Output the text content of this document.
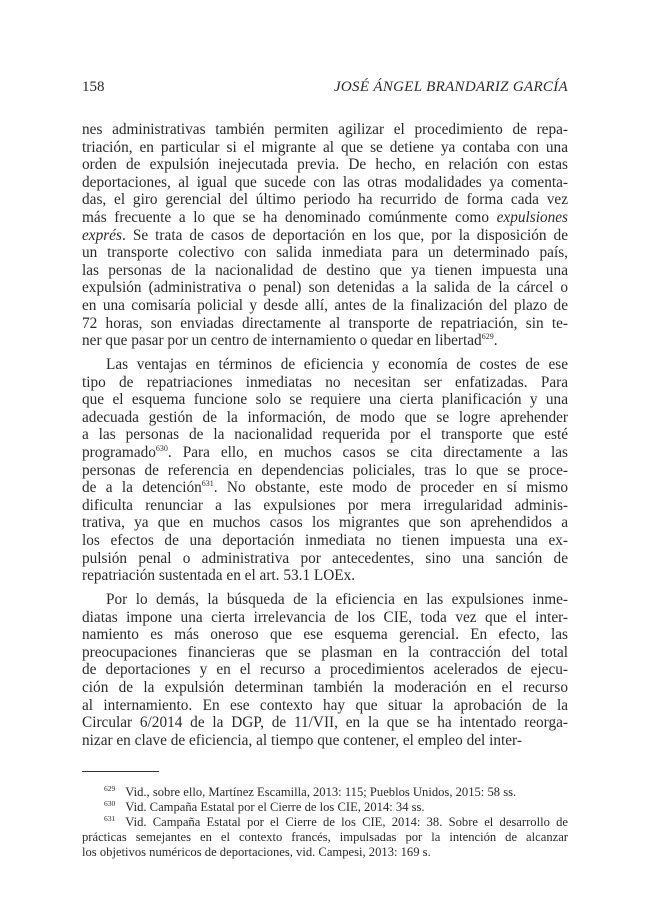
158	JOSÉ ÁNGEL BRANDARIZ GARCÍA
nes administrativas también permiten agilizar el procedimiento de repa-
triación, en particular si el migrante al que se detiene ya contaba con una
orden de expulsión inejecutada previa. De hecho, en relación con estas
deportaciones, al igual que sucede con las otras modalidades ya comenta-
das, el giro gerencial del último periodo ha recurrido de forma cada vez
más frecuente a lo que se ha denominado comúnmente como expulsiones
exprés. Se trata de casos de deportación en los que, por la disposición de
un transporte colectivo con salida inmediata para un determinado país,
las personas de la nacionalidad de destino que ya tienen impuesta una
expulsión (administrativa o penal) son detenidas a la salida de la cárcel o
en una comisaría policial y desde allí, antes de la finalización del plazo de
72 horas, son enviadas directamente al transporte de repatriación, sin te-
ner que pasar por un centro de internamiento o quedar en libertad$^{629}$.
Las ventajas en términos de eficiencia y economía de costes de ese
tipo de repatriaciones inmediatas no necesitan ser enfatizadas. Para
que el esquema funcione solo se requiere una cierta planificación y una
adecuada gestión de la información, de modo que se logre aprehender
a las personas de la nacionalidad requerida por el transporte que esté
programado$^{630}$. Para ello, en muchos casos se cita directamente a las
personas de referencia en dependencias policiales, tras lo que se proce-
de a la detención$^{631}$. No obstante, este modo de proceder en sí mismo
dificulta renunciar a las expulsiones por mera irregularidad adminis-
trativa, ya que en muchos casos los migrantes que son aprehendidos a
los efectos de una deportación inmediata no tienen impuesta una ex-
pulsión penal o administrativa por antecedentes, sino una sanción de
repatriación sustentada en el art. 53.1 LOEx.
Por lo demás, la búsqueda de la eficiencia en las expulsiones inme-
diatas impone una cierta irrelevancia de los CIE, toda vez que el inter-
namiento es más oneroso que ese esquema gerencial. En efecto, las
preocupaciones financieras que se plasman en la contracción del total
de deportaciones y en el recurso a procedimientos acelerados de ejecu-
ción de la expulsión determinan también la moderación en el recurso
al internamiento. En ese contexto hay que situar la aprobación de la
Circular 6/2014 de la DGP, de 11/VII, en la que se ha intentado reorga-
nizar en clave de eficiencia, al tiempo que contener, el empleo del inter-
$^{629}$ Vid., sobre ello, Martínez Escamilla, 2013: 115; Pueblos Unidos, 2015: 58 ss.
$^{630}$ Vid. Campaña Estatal por el Cierre de los CIE, 2014: 34 ss.
$^{631}$ Vid. Campaña Estatal por el Cierre de los CIE, 2014: 38. Sobre el desarrollo de
prácticas semejantes en el contexto francés, impulsadas por la intención de alcanzar
los objetivos numéricos de deportaciones, vid. Campesi, 2013: 169 s.
